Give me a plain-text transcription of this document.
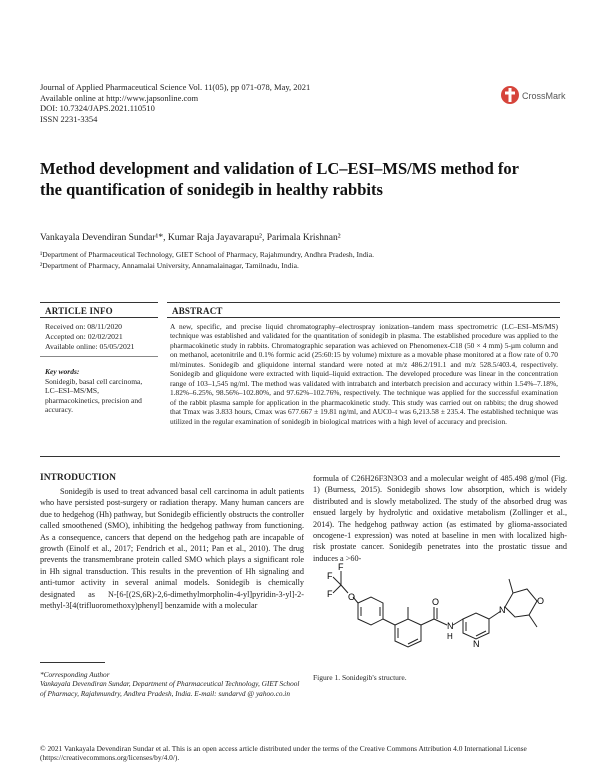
Journal of Applied Pharmaceutical Science Vol. 11(05), pp 071-078, May, 2021
Available online at http://www.japsonline.com
DOI: 10.7324/JAPS.2021.110510
ISSN 2231-3354
CrossMark
Method development and validation of LC–ESI–MS/MS method for the quantification of sonidegib in healthy rabbits
Vankayala Devendiran Sundar¹*, Kumar Raja Jayavarapu², Parimala Krishnan²
¹Department of Pharmaceutical Technology, GIET School of Pharmacy, Rajahmundry, Andhra Pradesh, India.
²Department of Pharmacy, Annamalai University, Annamalainagar, Tamilnadu, India.
ARTICLE INFO	ABSTRACT
Received on: 08/11/2020
Accepted on: 02/02/2021
Available online: 05/05/2021
Key words:
Sonidegib, basal cell carcinoma, LC–ESI–MS/MS, pharmacokinetics, precision and accuracy.
A new, specific, and precise liquid chromatography–electrospray ionization–tandem mass spectrometric (LC–ESI–MS/MS) technique was established and validated for the quantitation of sonidegib in plasma. The established procedure was applied to the pharmacokinetic study in rabbits. Chromatographic separation was achieved on Phenomenex-C18 (50 × 4 mm) 5-µm column and on methanol, acetonitrile and 0.1% formic acid (25:60:15 by volume) mixture as a movable phase monitored at a flow rate of 0.70 ml/minutes. Sonidegib and gliquidone internal standard were noted at m/z 486.2/191.1 and m/z 528.5/403.4, respectively. Sonidegib and gliquidone were extracted with liquid–liquid extraction. The developed procedure was linear in the concentration range of 103–1,545 ng/ml. The method was validated with intrabatch and interbatch precision and accuracy within 1.54%–7.18%, 1.82%–6.25%, 98.56%–102.80%, and 97.62%–102.76%, respectively. The technique was applied for the successful examination of the rabbit plasma sample for application in the pharmacokinetic study. This study was carried out on rabbits; the drug showed that Tmax was 3.833 hours, Cmax was 677.667 ± 19.81 ng/ml, and AUC0–t was 6,213.58 ± 235.4. The established technique was utilized in the regular examination of sonidegib in biological matrices with a high level of accuracy and precision.
INTRODUCTION
Sonidegib is used to treat advanced basal cell carcinoma in adult patients who have persisted post-surgery or radiation therapy. Many human cancers are due to hedgehog (Hh) pathway, but Sonidegib efficiently obstructs the controller called smoothened (SMO), inhibiting the hedgehog pathway from functioning. As a consequence, cancers that depend on the hedgehog path are incapable of growth (Einolf et al., 2017; Fendrich et al., 2011; Pan et al., 2010). The drug prevents the transmembrane protein called SMO which plays a significant role in Hh signal transduction. This results in the prevention of Hh signaling and anti-tumor activity in several animal models. Sonidegib is chemically designated as N-[6-[(2S,6R)-2,6-dimethylmorpholin-4-yl]pyridin-3-yl]-2-methyl-3[4(trifluoromethoxy)phenyl] benzamide with a molecular
formula of C26H26F3N3O3 and a molecular weight of 485.498 g/mol (Fig. 1) (Burness, 2015). Sonidegib shows low absorption, which is widely distributed and is slowly metabolized. The study of the absorbed drug was ensued largely by hydrolytic and oxidative metabolism (Zollinger et al., 2014). The hedgehog pathway action (as estimated by glioma-associated oncogene-1 expression) was noted at baseline in men with localized high-risk prostate cancer. Sonidegib penetrates into the prostatic tissue and induces a >60-
F
F
F
O	O
N
N
N
O
H
Figure 1. Sonidegib's structure.
*Corresponding Author
Vankayala Devendiran Sundar, Department of Pharmaceutical Technology, GIET School of Pharmacy, Rajahmundry, Andhra Pradesh, India. E-mail: sundarvd @ yahoo.co.in
© 2021 Vankayala Devendiran Sundar et al. This is an open access article distributed under the terms of the Creative Commons Attribution 4.0 International License (https://creativecommons.org/licenses/by/4.0/).
